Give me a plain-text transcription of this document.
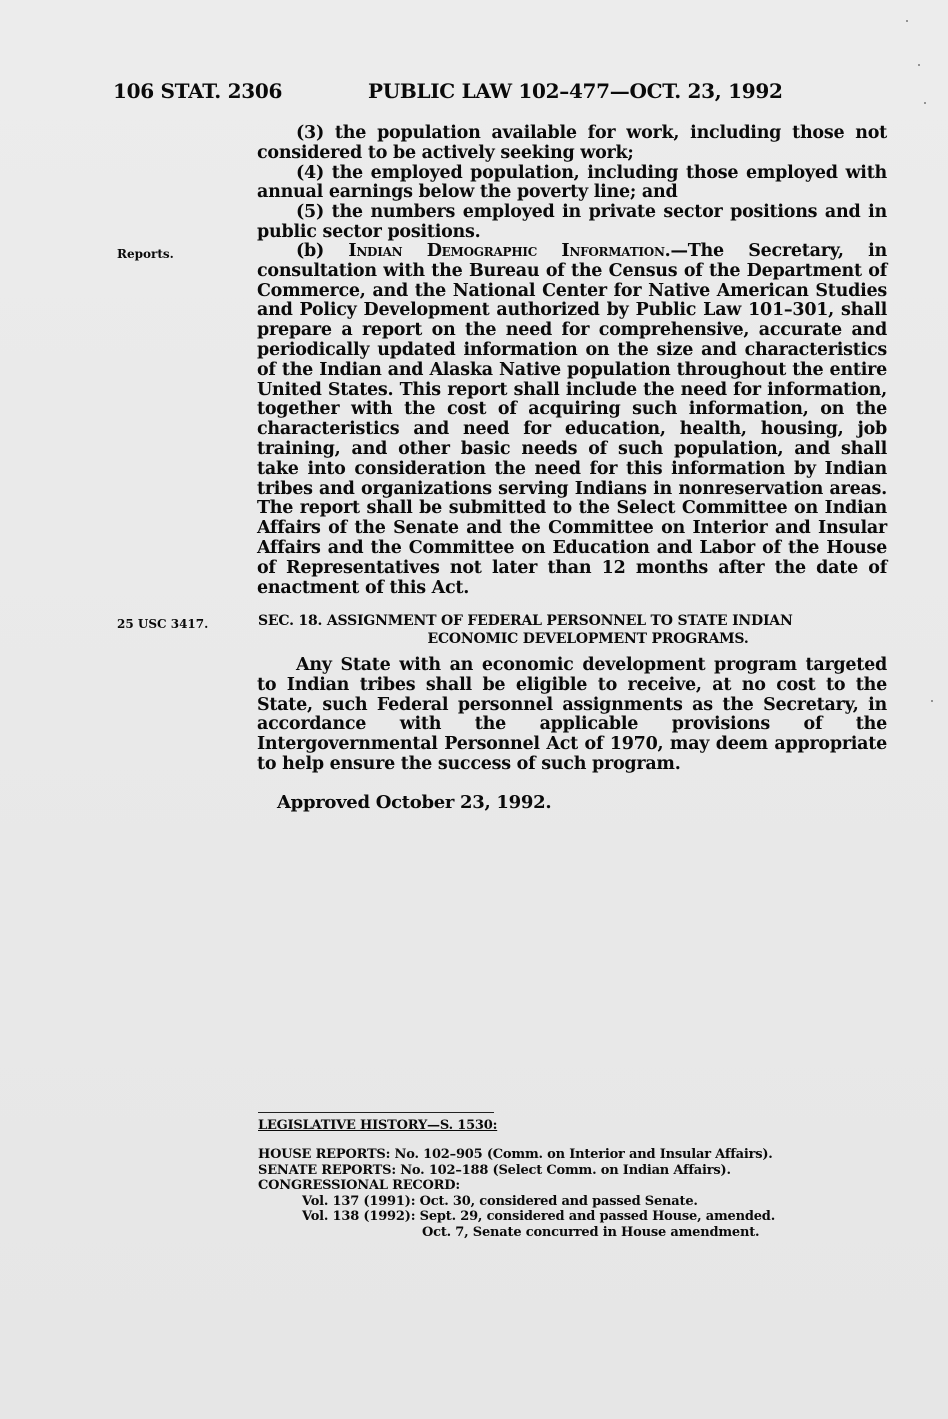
106 STAT. 2306	PUBLIC LAW 102–477—OCT. 23, 1992

(3) the population available for work, including those not considered to be actively seeking work;

(4) the employed population, including those employed with annual earnings below the poverty line; and

(5) the numbers employed in private sector positions and in public sector positions.

Reports.	(b) Indian Demographic Information.—The Secretary, in consultation with the Bureau of the Census of the Department of Commerce, and the National Center for Native American Studies and Policy Development authorized by Public Law 101–301, shall prepare a report on the need for comprehensive, accurate and periodically updated information on the size and characteristics of the Indian and Alaska Native population throughout the entire United States. This report shall include the need for information, together with the cost of acquiring such information, on the characteristics and need for education, health, housing, job training, and other basic needs of such population, and shall take into consideration the need for this information by Indian tribes and organizations serving Indians in nonreservation areas. The report shall be submitted to the Select Committee on Indian Affairs of the Senate and the Committee on Interior and Insular Affairs and the Committee on Education and Labor of the House of Representatives not later than 12 months after the date of enactment of this Act.

25 USC 3417.	SEC. 18. ASSIGNMENT OF FEDERAL PERSONNEL TO STATE INDIAN
ECONOMIC DEVELOPMENT PROGRAMS.

Any State with an economic development program targeted to Indian tribes shall be eligible to receive, at no cost to the State, such Federal personnel assignments as the Secretary, in accordance with the applicable provisions of the Intergovernmental Personnel Act of 1970, may deem appropriate to help ensure the success of such program.

Approved October 23, 1992.
LEGISLATIVE HISTORY—S. 1530:
HOUSE REPORTS: No. 102–905 (Comm. on Interior and Insular Affairs).
SENATE REPORTS: No. 102–188 (Select Comm. on Indian Affairs).
CONGRESSIONAL RECORD:
Vol. 137 (1991): Oct. 30, considered and passed Senate.
Vol. 138 (1992): Sept. 29, considered and passed House, amended.
Oct. 7, Senate concurred in House amendment.
